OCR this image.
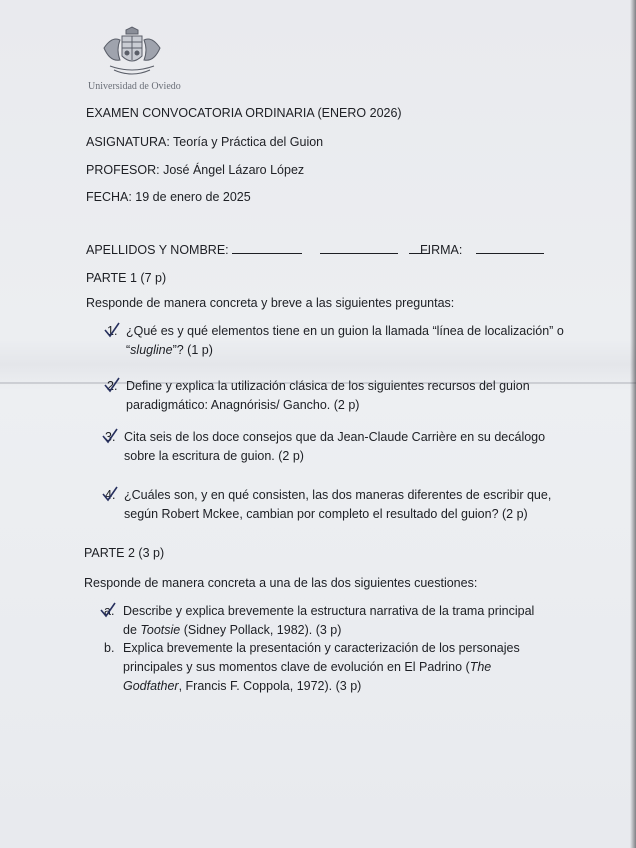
Universidad de Oviedo
EXAMEN CONVOCATORIA ORDINARIA (ENERO 2026)
ASIGNATURA: Teoría y Práctica del Guion
PROFESOR: José Ángel Lázaro López
FECHA: 19 de enero de 2025
APELLIDOS Y NOMBRE:	FIRMA:
PARTE 1 (7 p)
Responde de manera concreta y breve a las siguientes preguntas:
1. ¿Qué es y qué elementos tiene en un guion la llamada “línea de localización” o “slugline”? (1 p)
2. Define y explica la utilización clásica de los siguientes recursos del guion paradigmático: Anagnórisis/ Gancho. (2 p)
3. Cita seis de los doce consejos que da Jean-Claude Carrière en su decálogo sobre la escritura de guion. (2 p)
4. ¿Cuáles son, y en qué consisten, las dos maneras diferentes de escribir que, según Robert Mckee, cambian por completo el resultado del guion? (2 p)
PARTE 2 (3 p)
Responde de manera concreta a una de las dos siguientes cuestiones:
a. Describe y explica brevemente la estructura narrativa de la trama principal de Tootsie (Sidney Pollack, 1982). (3 p)
b. Explica brevemente la presentación y caracterización de los personajes principales y sus momentos clave de evolución en El Padrino (The Godfather, Francis F. Coppola, 1972). (3 p)
